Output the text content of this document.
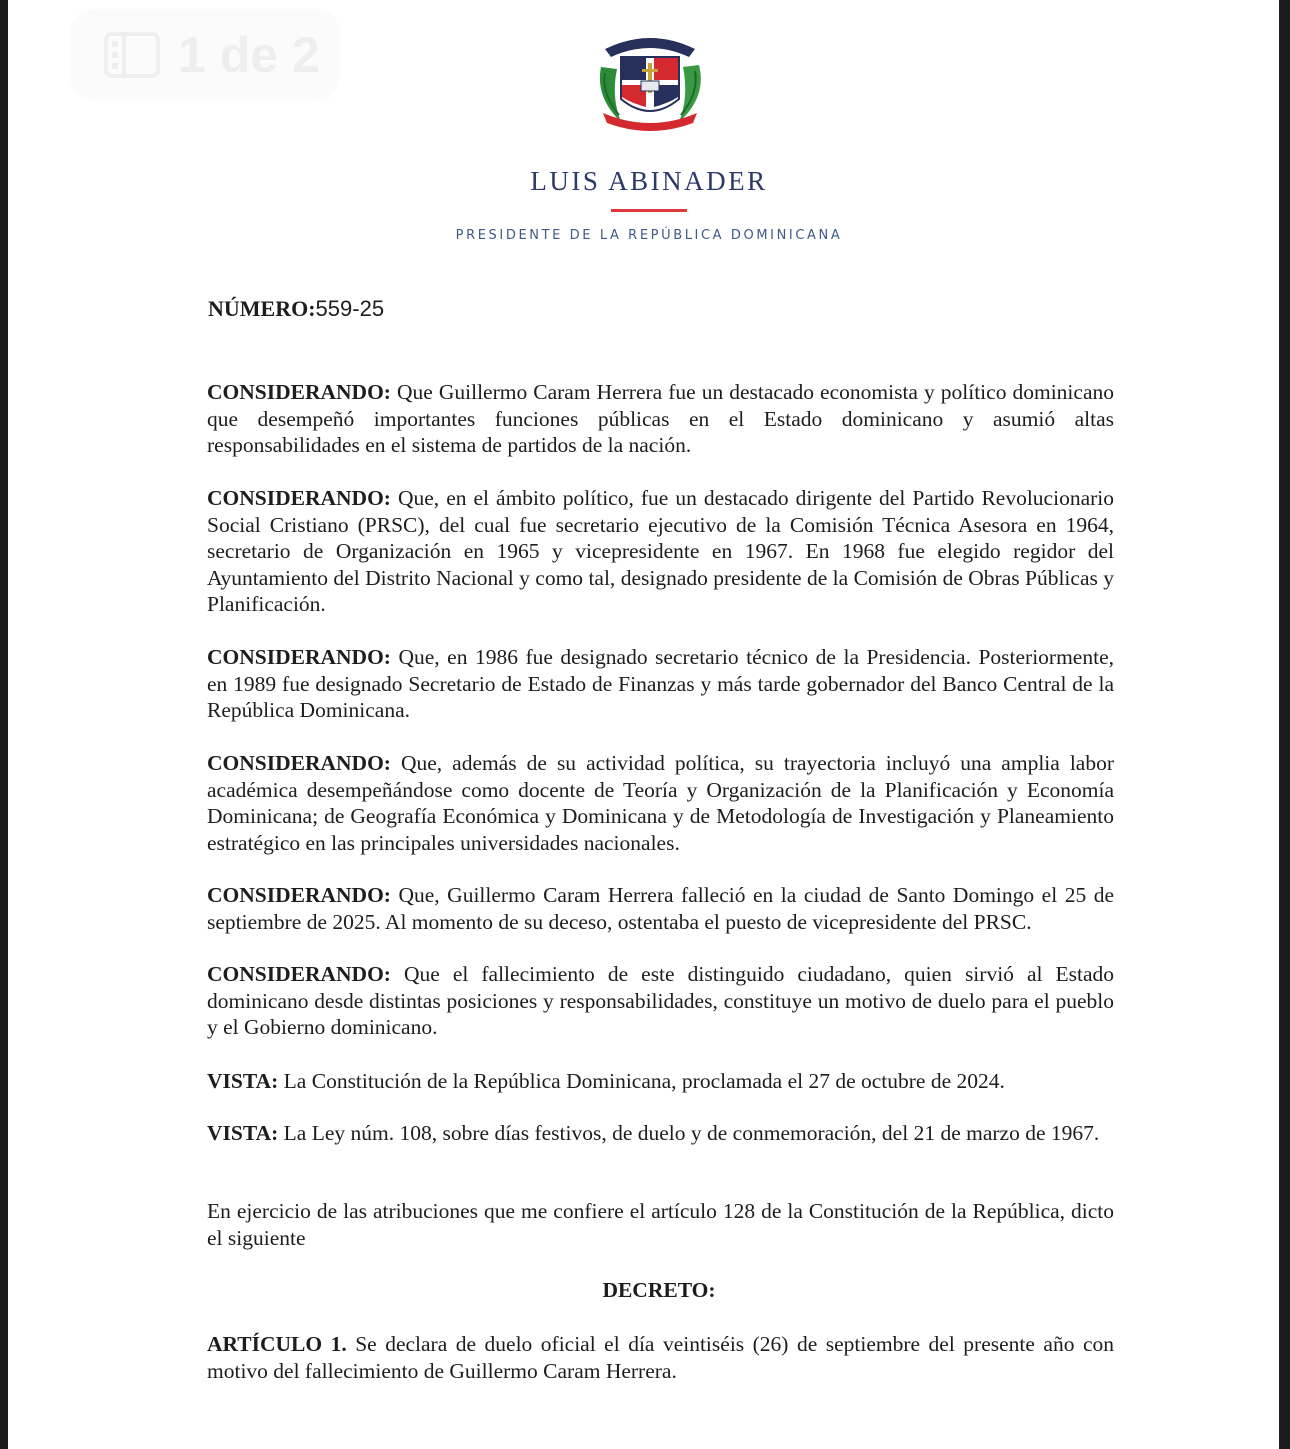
1 de 2
LUIS ABINADER
PRESIDENTE DE LA REPÚBLICA DOMINICANA
NÚMERO:559-25

CONSIDERANDO: Que Guillermo Caram Herrera fue un destacado economista y político dominicano que desempeñó importantes funciones públicas en el Estado dominicano y asumió altas responsabilidades en el sistema de partidos de la nación.

CONSIDERANDO: Que, en el ámbito político, fue un destacado dirigente del Partido Revolucionario Social Cristiano (PRSC), del cual fue secretario ejecutivo de la Comisión Técnica Asesora en 1964, secretario de Organización en 1965 y vicepresidente en 1967. En 1968 fue elegido regidor del Ayuntamiento del Distrito Nacional y como tal, designado presidente de la Comisión de Obras Públicas y Planificación.

CONSIDERANDO: Que, en 1986 fue designado secretario técnico de la Presidencia. Posteriormente, en 1989 fue designado Secretario de Estado de Finanzas y más tarde gobernador del Banco Central de la República Dominicana.

CONSIDERANDO: Que, además de su actividad política, su trayectoria incluyó una amplia labor académica desempeñándose como docente de Teoría y Organización de la Planificación y Economía Dominicana; de Geografía Económica y Dominicana y de Metodología de Investigación y Planeamiento estratégico en las principales universidades nacionales.

CONSIDERANDO: Que, Guillermo Caram Herrera falleció en la ciudad de Santo Domingo el 25 de septiembre de 2025. Al momento de su deceso, ostentaba el puesto de vicepresidente del PRSC.

CONSIDERANDO: Que el fallecimiento de este distinguido ciudadano, quien sirvió al Estado dominicano desde distintas posiciones y responsabilidades, constituye un motivo de duelo para el pueblo y el Gobierno dominicano.

VISTA: La Constitución de la República Dominicana, proclamada el 27 de octubre de 2024.

VISTA: La Ley núm. 108, sobre días festivos, de duelo y de conmemoración, del 21 de marzo de 1967.

En ejercicio de las atribuciones que me confiere el artículo 128 de la Constitución de la República, dicto el siguiente

DECRETO:

ARTÍCULO 1. Se declara de duelo oficial el día veintiséis (26) de septiembre del presente año con motivo del fallecimiento de Guillermo Caram Herrera.
